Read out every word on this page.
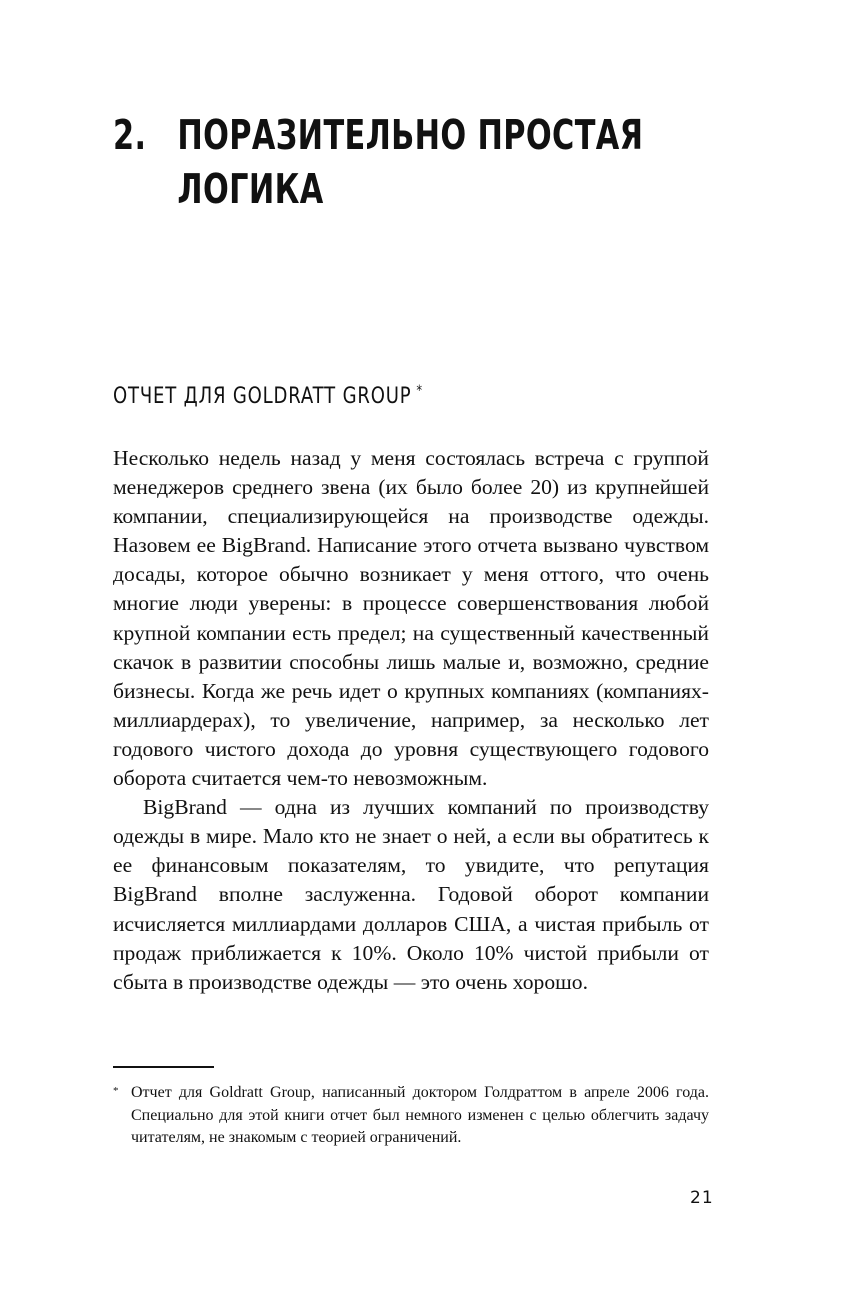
2. ПОРАЗИТЕЛЬНО ПРОСТАЯ
ЛОГИКА
ОТЧЕТ ДЛЯ GOLDRATT GROUP *

Несколько недель назад у меня состоялась встреча с группой менеджеров среднего звена (их было более 20) из крупнейшей компании, специализирующейся на производстве одежды. Назовем ее BigBrand. Написание этого отчета вызвано чувством досады, которое обычно возникает у меня оттого, что очень многие люди уверены: в процессе совершенствования любой крупной компании есть предел; на существенный качественный скачок в развитии способны лишь малые и, возможно, средние бизнесы. Когда же речь идет о крупных компаниях (компаниях-миллиардерах), то увеличение, например, за несколько лет годового чистого дохода до уровня существующего годового оборота считается чем-то невозможным.

BigBrand — одна из лучших компаний по производству одежды в мире. Мало кто не знает о ней, а если вы обратитесь к ее финансовым показателям, то увидите, что репутация BigBrand вполне заслуженна. Годовой оборот компании исчисляется миллиардами долларов США, а чистая прибыль от продаж приближается к 10%. Около 10% чистой прибыли от сбыта в производстве одежды — это очень хорошо.

* Отчет для Goldratt Group, написанный доктором Голдраттом в апреле 2006 года. Специально для этой книги отчет был немного изменен с целью облегчить задачу читателям, не знакомым с теорией ограничений.
21
